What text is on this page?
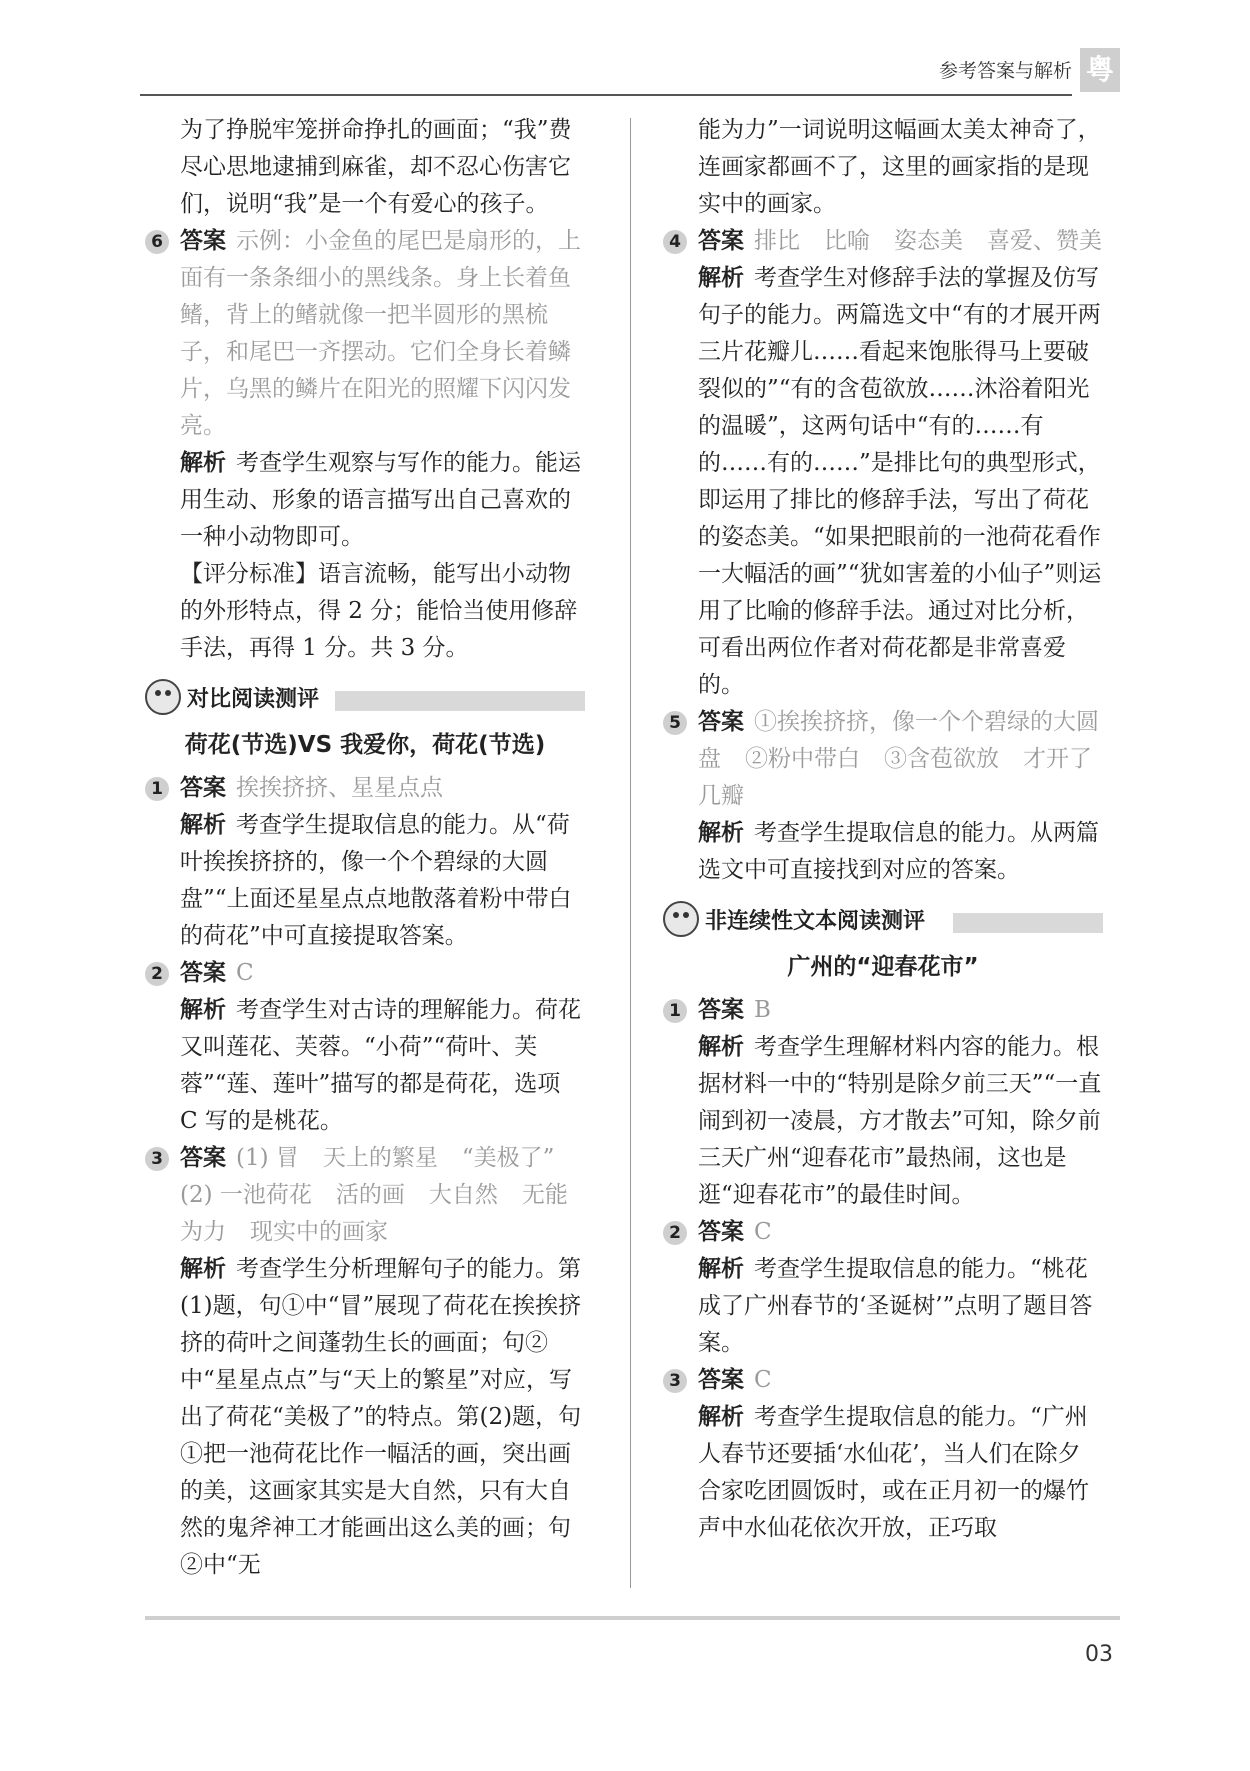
参考答案与解析 粤

为了挣脱牢笼拼命挣扎的画面；“我”费尽心思地逮捕到麻雀，却不忍心伤害它们，说明“我”是一个有爱心的孩子。

6 答案 示例：小金鱼的尾巴是扇形的，上面有一条条细小的黑线条。身上长着鱼鳍，背上的鳍就像一把半圆形的黑梳子，和尾巴一齐摆动。它们全身长着鳞片，乌黑的鳞片在阳光的照耀下闪闪发亮。
解析 考查学生观察与写作的能力。能运用生动、形象的语言描写出自己喜欢的一种小动物即可。

【评分标准】语言流畅，能写出小动物的外形特点，得 2 分；能恰当使用修辞手法，再得 1 分。共 3 分。

对比阅读测评
荷花(节选)VS 我爱你，荷花(节选)
1 答案 挨挨挤挤、星星点点
解析 考查学生提取信息的能力。从“荷叶挨挨挤挤的，像一个个碧绿的大圆盘”“上面还星星点点地散落着粉中带白的荷花”中可直接提取答案。
2 答案 C
解析 考查学生对古诗的理解能力。荷花又叫莲花、芙蓉。“小荷”“荷叶、芙蓉”“莲、莲叶”描写的都是荷花，选项 C 写的是桃花。
3 答案 (1) 冒 天上的繁星 “美极了”(2) 一池荷花 活的画 大自然 无能为力 现实中的画家
解析 考查学生分析理解句子的能力。第(1)题，句①中“冒”展现了荷花在挨挨挤挤的荷叶之间蓬勃生长的画面；句②中“星星点点”与“天上的繁星”对应，写出了荷花“美极了”的特点。第(2)题，句①把一池荷花比作一幅活的画，突出画的美，这画家其实是大自然，只有大自然的鬼斧神工才能画出这么美的画；句②中“无

能为力”一词说明这幅画太美太神奇了，连画家都画不了，这里的画家指的是现实中的画家。

4 答案 排比 比喻 姿态美 喜爱、赞美
解析 考查学生对修辞手法的掌握及仿写句子的能力。两篇选文中“有的才展开两三片花瓣儿……看起来饱胀得马上要破裂似的”“有的含苞欲放……沐浴着阳光的温暖”，这两句话中“有的……有的……有的……”是排比句的典型形式，即运用了排比的修辞手法，写出了荷花的姿态美。“如果把眼前的一池荷花看作一大幅活的画”“犹如害羞的小仙子”则运用了比喻的修辞手法。通过对比分析，可看出两位作者对荷花都是非常喜爱的。
5 答案 ①挨挨挤挤，像一个个碧绿的大圆盘 ②粉中带白 ③含苞欲放 才开了几瓣
解析 考查学生提取信息的能力。从两篇选文中可直接找到对应的答案。
非连续性文本阅读测评
广州的“迎春花市”
1 答案 B
解析 考查学生理解材料内容的能力。根据材料一中的“特别是除夕前三天”“一直闹到初一凌晨，方才散去”可知，除夕前三天广州“迎春花市”最热闹，这也是逛“迎春花市”的最佳时间。
2 答案 C
解析 考查学生提取信息的能力。“桃花成了广州春节的‘圣诞树’”点明了题目答案。
3 答案 C
解析 考查学生提取信息的能力。“广州人春节还要插‘水仙花’，当人们在除夕合家吃团圆饭时，或在正月初一的爆竹声中水仙花依次开放，正巧取
03
